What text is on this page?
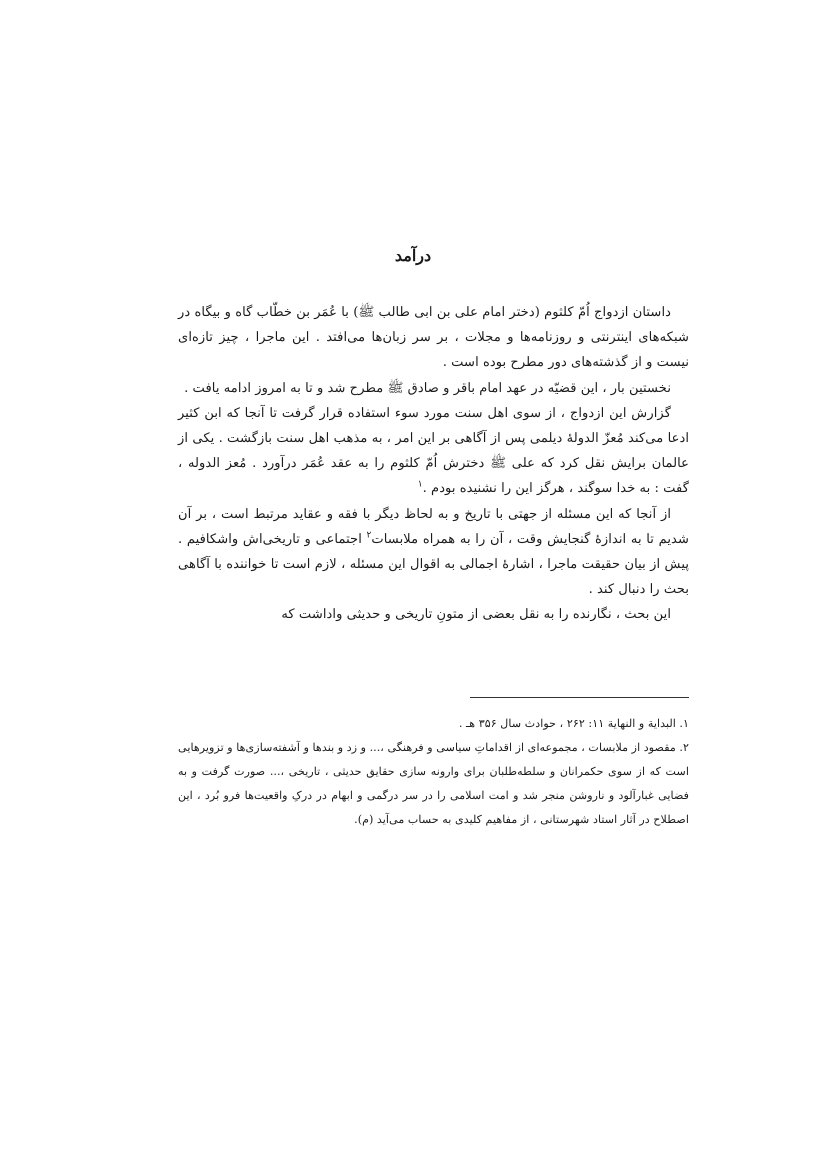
درآمد

داستان ازدواج اُمّ کلثوم (دختر امام علی بن ابی طالب ﷺ) با عُمَر بن خطّاب گاه و بیگاه در شبکه‌های اینترنتی و روزنامه‌ها و مجلات ، بر سر زبان‌ها می‌افتد . این ماجرا ، چیز تازه‌ای نیست و از گذشته‌های دور مطرح بوده است .

نخستین بار ، این قضیّه در عهد امام باقر و صادق ﷺ مطرح شد و تا به امروز ادامه یافت .

گزارش این ازدواج ، از سوی اهل سنت مورد سوء استفاده قرار گرفت تا آنجا که ابن کثیر ادعا می‌کند مُعزّ الدولهٔ دیلمی پس از آگاهی بر این امر ، به مذهب اهل سنت بازگشت . یکی از عالمان برایش نقل کرد که علی ﷺ دخترش اُمّ کلثوم را به عقد عُمَر درآورد . مُعز الدوله ، گفت : به خدا سوگند ، هرگز این را نشنیده بودم .$^۱$

از آنجا که این مسئله از جهتی با تاریخ و به لحاظ دیگر با فقه و عقاید مرتبط است ، بر آن شدیم تا به اندازهٔ گنجایش وقت ، آن را به همراه ملابسات$^۲$ اجتماعی و تاریخی‌اش واشکافیم . پیش از بیان حقیقت ماجرا ، اشارهٔ اجمالی به اقوال این مسئله ، لازم است تا خواننده با آگاهی بحث را دنبال کند .

این بحث ، نگارنده را به نقل بعضی از متونِ تاریخی و حدیثی واداشت که

۱. البدایة و النهایة ۱۱: ۲۶۲ ، حوادث سال ۳۵۶ هـ .

۲. مقصود از ملابسات ، مجموعه‌ای از اقداماتِ سیاسی و فرهنگی ،... و زد و بندها و آشفته‌سازی‌ها و تزویرهایی است که از سوی حکمرانان و سلطه‌طلبان برای وارونه سازی حقایق حدیثی ، تاریخی ،... صورت گرفت و به فضایی غبارآلود و ناروشن منجر شد و امت اسلامی را در سر درگمی و ابهام در درکِ واقعیت‌ها فرو بُرد ، این اصطلاح در آثار استاد شهرستانی ، از مفاهیم کلیدی به حساب می‌آید (م).
